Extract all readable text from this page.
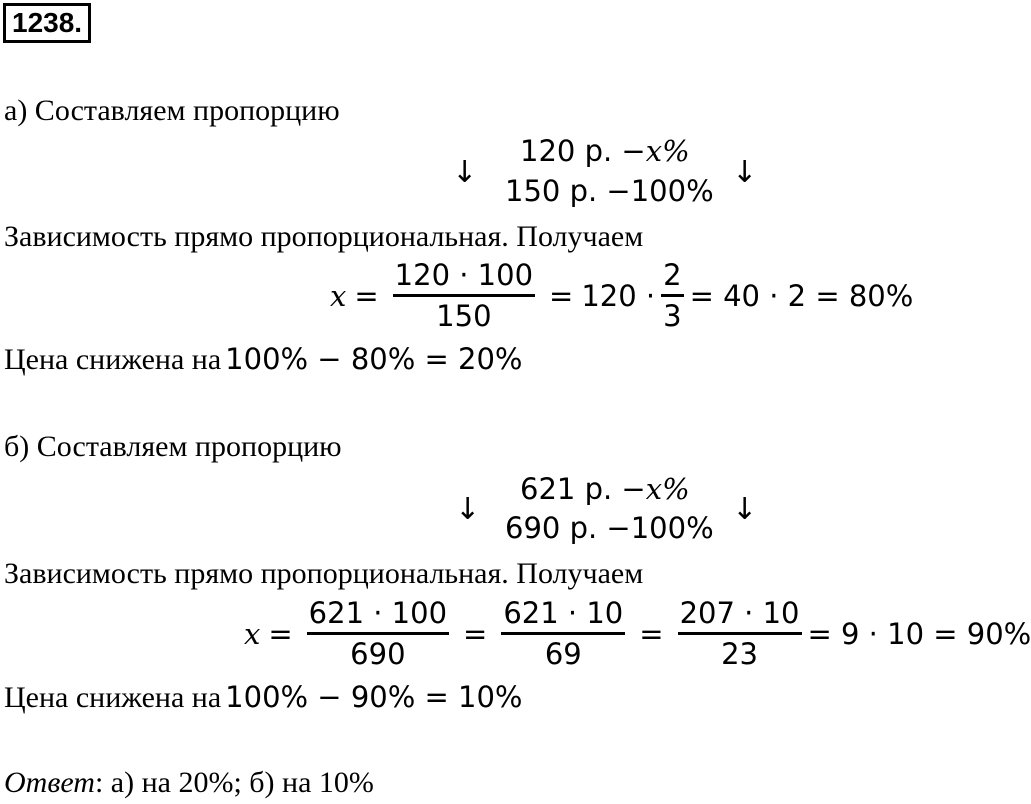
1238.
а) Составляем пропорцию
↓
120 р. −x%
150 р. −100%
↓
Зависимость прямо пропорциональная. Получаем
$x = \frac{120 \cdot 100}{150} = 120 \cdot \frac{2}{3} = 40 \cdot 2 = 80\%$
Цена снижена на 100% − 80% = 20%
б) Составляем пропорцию
↓
621 р. −x%
690 р. −100%
↓
Зависимость прямо пропорциональная. Получаем
$x = \frac{621 \cdot 100}{690} = \frac{621 \cdot 10}{69} = \frac{207 \cdot 10}{23} = 9 \cdot 10 = 90\%$
Цена снижена на 100% − 90% = 10%
Ответ: а) на 20%; б) на 10%
